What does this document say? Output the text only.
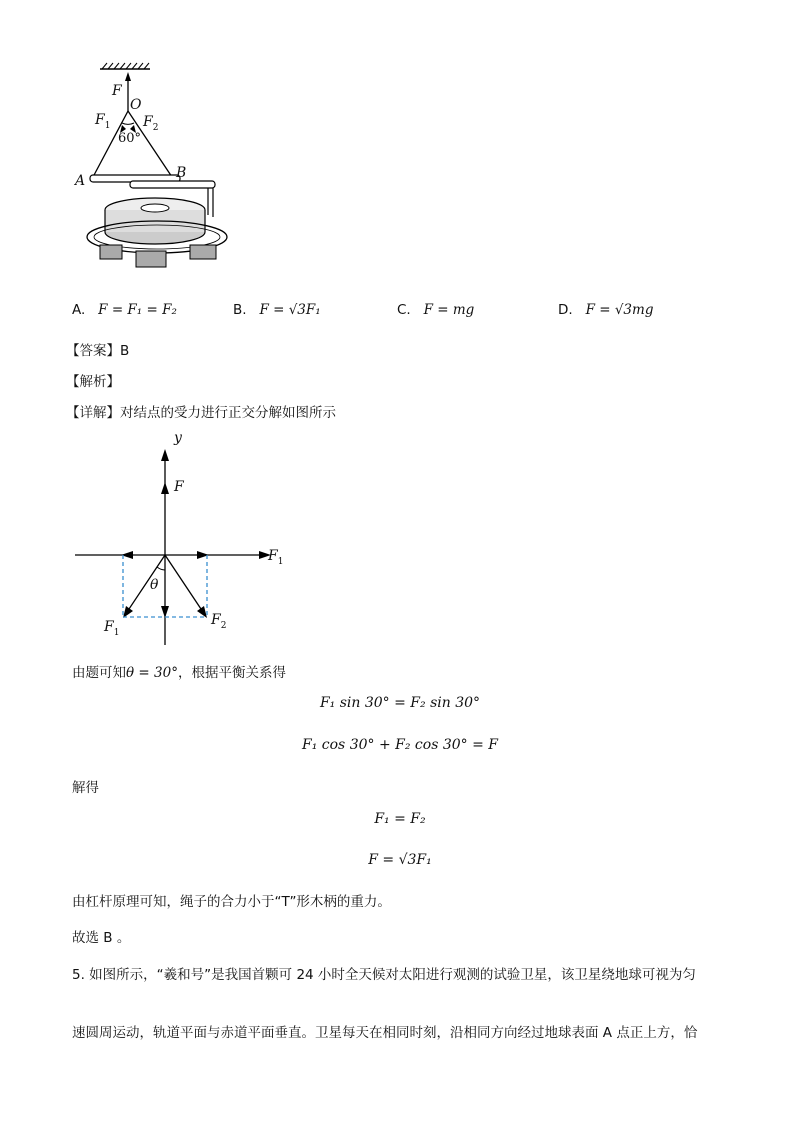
F
O
$F_1$ $F_2$
60°
A	B
A. F = F₁ = F₂	B. F = √3F₁	C. F = mg	D. F = √3mg
【答案】B
【解析】
【详解】对结点的受力进行正交分解如图所示
y
F
$F_1$
θ
$F_1$
$F_2$
由题可知θ = 30°，根据平衡关系得
F₁ sin 30° = F₂ sin 30°
F₁ cos 30° + F₂ cos 30° = F
解得
F₁ = F₂
F = √3F₁
由杠杆原理可知，绳子的合力小于“T”形木柄的重力。
故选 B 。
5. 如图所示，“羲和号”是我国首颗可 24 小时全天候对太阳进行观测的试验卫星，该卫星绕地球可视为匀
速圆周运动，轨道平面与赤道平面垂直。卫星每天在相同时刻，沿相同方向经过地球表面 A 点正上方，恰
